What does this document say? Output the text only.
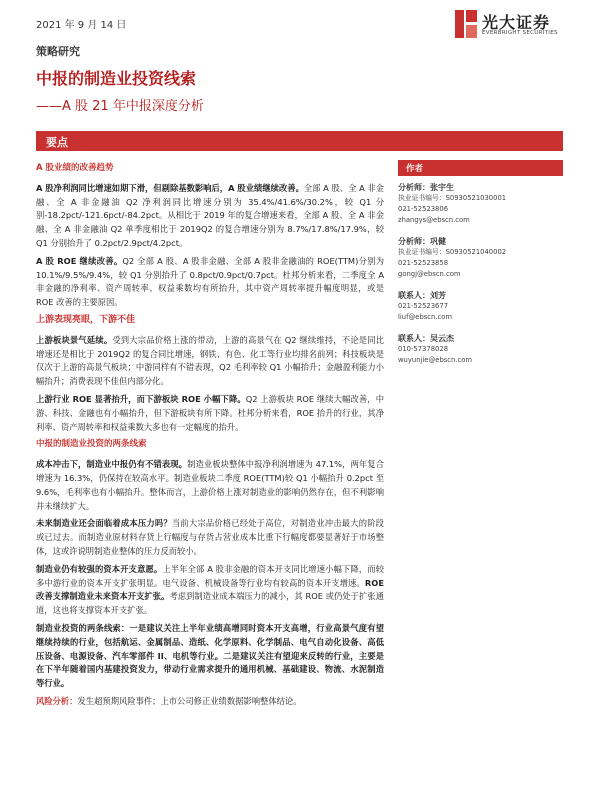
2021 年 9 月 14 日	光大证券
EVERBRIGHT SECURITIES
策略研究
中报的制造业投资线索
——A 股 21 年中报深度分析
要点
A 股业绩的改善趋势

A 股净利润同比增速如期下滑，但剔除基数影响后，A 股业绩继续改善。全部 A 股、全 A 非金融、全 A 非金融油 Q2 净利润同比增速分别为 35.4%/41.6%/30.2%，较 Q1 分别-18.2pct/-121.6pct/-84.2pct。从相比于 2019 年的复合增速来看，全部 A 股、全 A 非金融、全 A 非金融油 Q2 单季度相比于 2019Q2 的复合增速分别为 8.7%/17.8%/17.9%，较 Q1 分别抬升了 0.2pct/2.9pct/4.2pct。

A 股 ROE 继续改善。Q2 全部 A 股、A 股非金融、全部 A 股非金融油的 ROE(TTM)分别为 10.1%/9.5%/9.4%，较 Q1 分别抬升了 0.8pct/0.9pct/0.7pct。杜邦分析来看，二季度全 A 非金融的净利率、资产周转率、权益乘数均有所抬升，其中资产周转率提升幅度明显，或是 ROE 改善的主要原因。

上游表现亮眼，下游不佳

上游板块景气延续。受到大宗品价格上涨的带动，上游的高景气在 Q2 继续维持，不论是同比增速还是相比于 2019Q2 的复合同比增速，钢铁、有色、化工等行业均排名前列；科技板块是仅次于上游的高景气板块；中游同样有不错表现，Q2 毛利率较 Q1 小幅抬升；金融盈利能力小幅抬升；消费表现不佳但内部分化。

上游行业 ROE 显著抬升，而下游板块 ROE 小幅下降。Q2 上游板块 ROE 继续大幅改善，中游、科技、金融也有小幅抬升，但下游板块有所下降。杜邦分析来看，ROE 抬升的行业，其净利率、资产周转率和权益乘数大多也有一定幅度的抬升。

中报的制造业投资的两条线索

成本冲击下，制造业中报仍有不错表现。制造业板块整体中报净利润增速为 47.1%，两年复合增速为 16.3%，仍保持在较高水平。制造业板块二季度 ROE(TTM)较 Q1 小幅抬升 0.2pct 至 9.6%，毛利率也有小幅抬升。整体而言，上游价格上涨对制造业的影响仍然存在，但不利影响并未继续扩大。

未来制造业还会面临着成本压力吗？当前大宗品价格已经处于高位，对制造业冲击最大的阶段或已过去。而制造业原材料存货上行幅度与存货占营业成本比重下行幅度都要显著好于市场整体，这或许说明制造业整体的压力反而较小。

制造业仍有较强的资本开支意愿。上半年全部 A 股非金融的资本开支同比增速小幅下降，而较多中游行业的资本开支扩张明显。电气设备、机械设备等行业均有较高的资本开支增速。ROE 改善支撑制造业未来资本开支扩张。考虑到制造业成本端压力的减小，其 ROE 或仍处于扩张通道，这也将支撑资本开支扩张。

制造业投资的两条线索：一是建议关注上半年业绩高增同时资本开支高增，行业高景气度有望继续持续的行业，包括航运、金属制品、造纸、化学原料、化学制品、电气自动化设备、高低压设备、电源设备、汽车零部件 II、电机等行业。二是建议关注有望迎来反转的行业，主要是在下半年随着国内基建投资发力，带动行业需求提升的通用机械、基础建设、物流、水泥制造等行业。

风险分析：发生超预期风险事件；上市公司修正业绩数据影响整体结论。

作者
分析师：张宇生
执业证书编号：S0930521030001
021-52523806
zhangys@ebscn.com
分析师：巩健
执业证书编号：S0930521040002
021-52523858
gongj@ebscn.com
联系人：刘芳
021-52523677
liuf@ebscn.com
联系人：吴云杰
010-57378028
wuyunjie@ebscn.com
